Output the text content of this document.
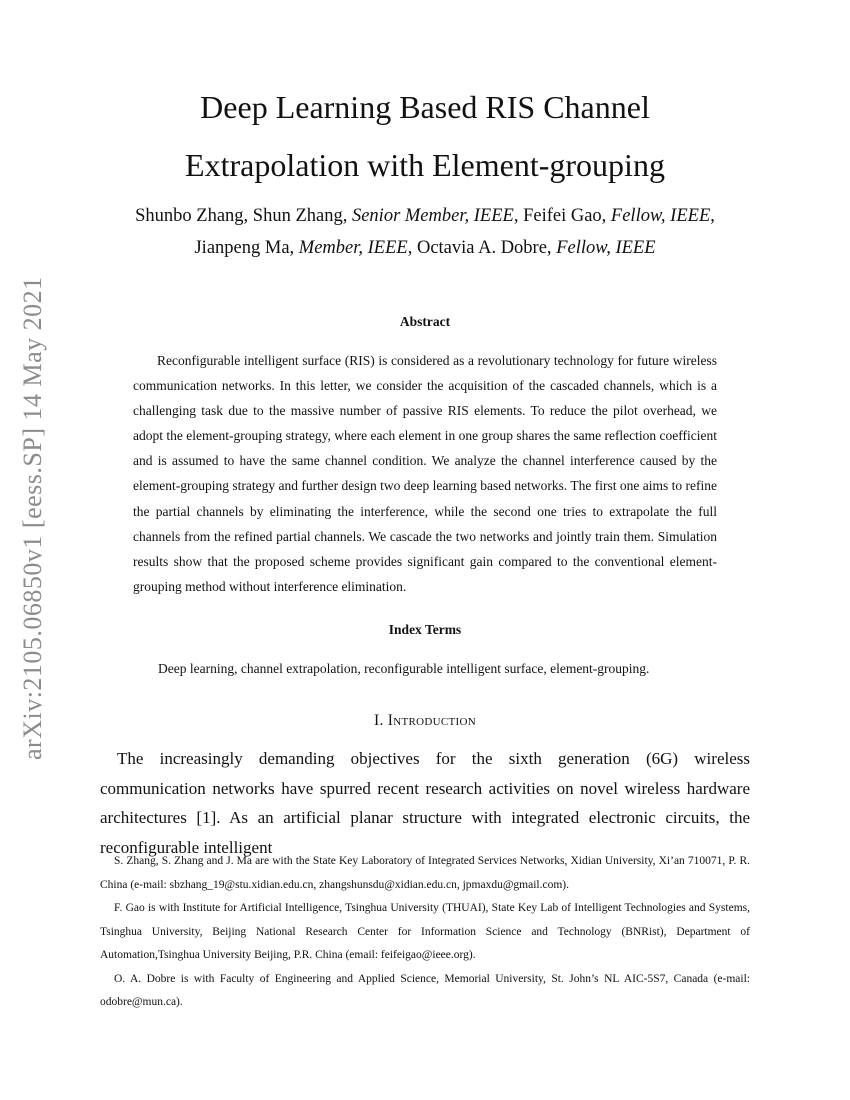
arXiv:2105.06850v1 [eess.SP] 14 May 2021
Deep Learning Based RIS Channel
Extrapolation with Element-grouping
Shunbo Zhang, Shun Zhang, Senior Member, IEEE, Feifei Gao, Fellow, IEEE,
Jianpeng Ma, Member, IEEE, Octavia A. Dobre, Fellow, IEEE
Abstract

Reconfigurable intelligent surface (RIS) is considered as a revolutionary technology for future wireless communication networks. In this letter, we consider the acquisition of the cascaded channels, which is a challenging task due to the massive number of passive RIS elements. To reduce the pilot overhead, we adopt the element-grouping strategy, where each element in one group shares the same reflection coefficient and is assumed to have the same channel condition. We analyze the channel interference caused by the element-grouping strategy and further design two deep learning based networks. The first one aims to refine the partial channels by eliminating the interference, while the second one tries to extrapolate the full channels from the refined partial channels. We cascade the two networks and jointly train them. Simulation results show that the proposed scheme provides significant gain compared to the conventional element-grouping method without interference elimination.

Index Terms

Deep learning, channel extrapolation, reconfigurable intelligent surface, element-grouping.

I. Introduction

The increasingly demanding objectives for the sixth generation (6G) wireless communication networks have spurred recent research activities on novel wireless hardware architectures [1]. As an artificial planar structure with integrated electronic circuits, the reconfigurable intelligent

S. Zhang, S. Zhang and J. Ma are with the State Key Laboratory of Integrated Services Networks, Xidian University, Xi’an 710071, P. R. China (e-mail: sbzhang_19@stu.xidian.edu.cn, zhangshunsdu@xidian.edu.cn, jpmaxdu@gmail.com).

F. Gao is with Institute for Artificial Intelligence, Tsinghua University (THUAI), State Key Lab of Intelligent Technologies and Systems, Tsinghua University, Beijing National Research Center for Information Science and Technology (BNRist), Department of Automation,Tsinghua University Beijing, P.R. China (email: feifeigao@ieee.org).

O. A. Dobre is with Faculty of Engineering and Applied Science, Memorial University, St. John’s NL AIC-5S7, Canada (e-mail: odobre@mun.ca).
